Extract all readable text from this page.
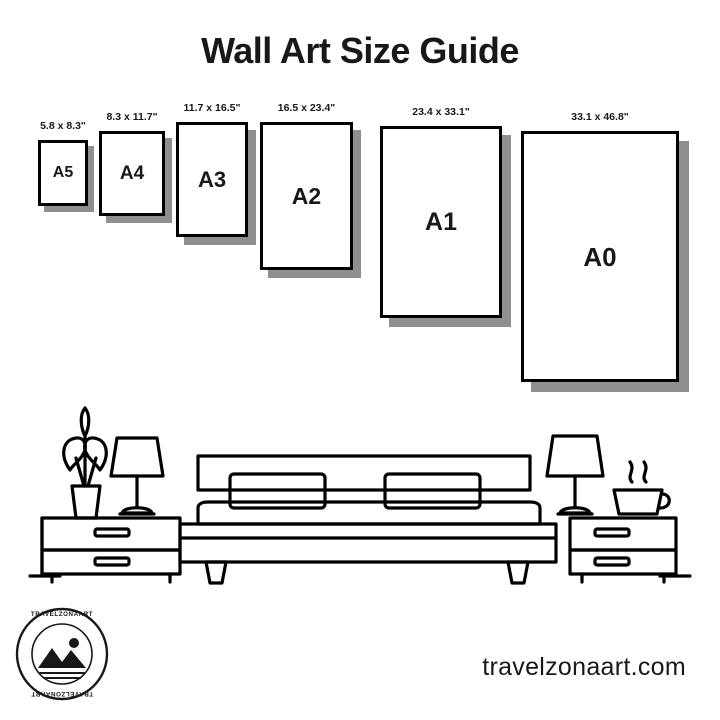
Wall Art Size Guide
5.8 x 8.3"
A5
8.3 x 11.7"
A4
11.7 x 16.5"
A3
16.5 x 23.4"
A2
23.4 x 33.1"
A1
33.1 x 46.8"
A0
travelzonaart.com
TRAVELZONAART
TRAVELZONAART
